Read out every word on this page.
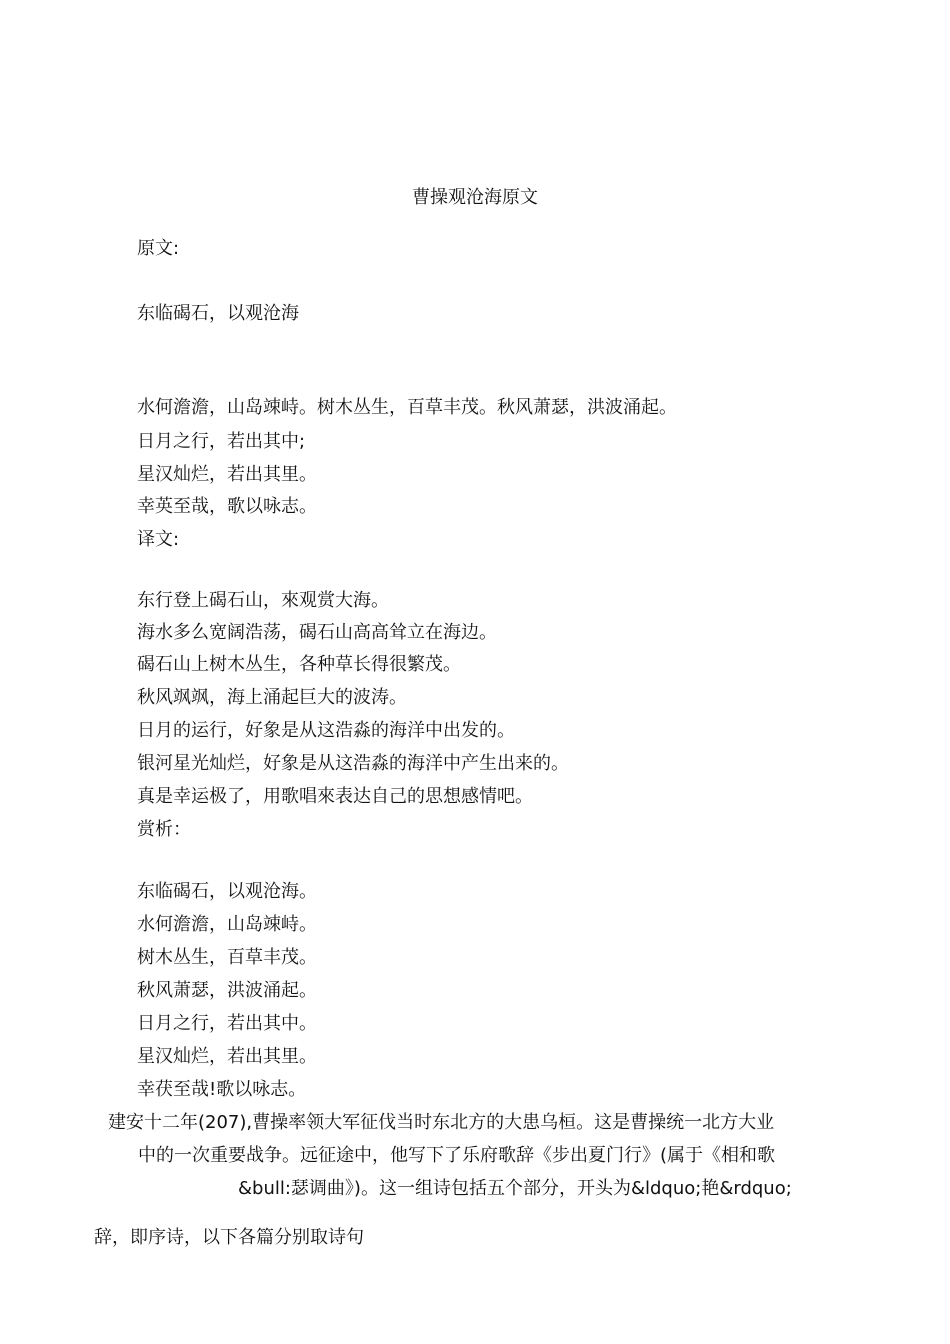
曹操观沧海原文
原文:
东临碣石，以观沧海
水何澹澹，山岛竦峙。树木丛生，百草丰茂。秋风萧瑟，洪波涌起。
日月之行，若出其中;
星汉灿烂，若出其里。
幸英至哉，歌以咏志。
译文:
东行登上碣石山，來观赏大海。
海水多么宽阔浩荡，碣石山高高耸立在海边。
碣石山上树木丛生，各种草长得很繁茂。
秋风飒飒，海上涌起巨大的波涛。
日月的运行，好象是从这浩淼的海洋中出发的。
银河星光灿烂，好象是从这浩淼的海洋中产生出来的。
真是幸运极了，用歌唱來表达自己的思想感情吧。
赏析：
东临碣石，以观沧海。
水何澹澹，山岛竦峙。
树木丛生，百草丰茂。
秋风萧瑟，洪波涌起。
日月之行，若出其中。
星汉灿烂，若出其里。
幸茯至哉!歌以咏志。
建安十二年(207),曹操率领大军征伐当时东北方的大患乌桓。这是曹操统一北方大业
中的一次重要战争。远征途中，他写下了乐府歌辞《步出夏门行》(属于《相和歌
&bull:瑟调曲》)。这一组诗包括五个部分，开头为&ldquo;艳&rdquo;
辞，即序诗，以下各篇分别取诗句
